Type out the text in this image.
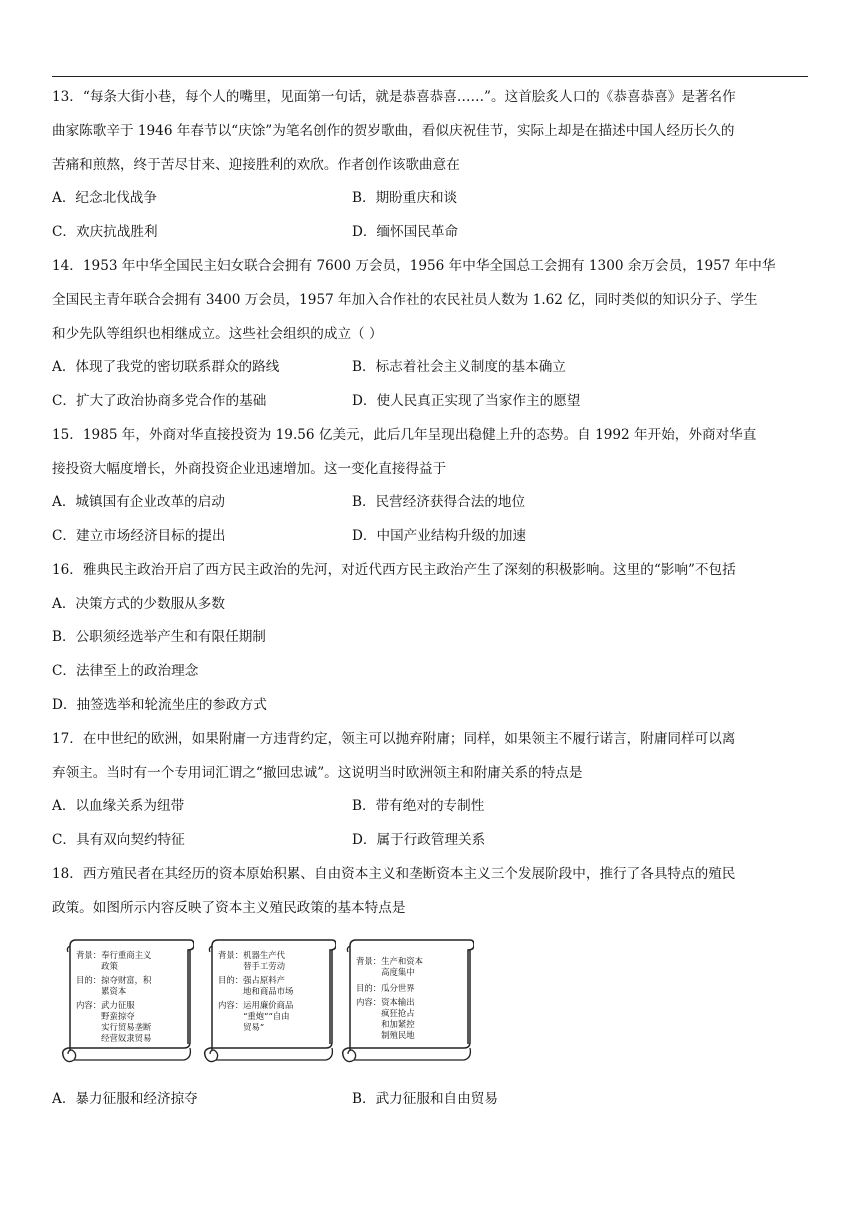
13．“每条大街小巷，每个人的嘴里，见面第一句话，就是恭喜恭喜……”。这首脍炙人口的《恭喜恭喜》是著名作
曲家陈歌辛于 1946 年春节以“庆馀”为笔名创作的贺岁歌曲，看似庆祝佳节，实际上却是在描述中国人经历长久的
苦痛和煎熬，终于苦尽甘来、迎接胜利的欢欣。作者创作该歌曲意在
A．纪念北伐战争	B．期盼重庆和谈
C．欢庆抗战胜利	D．缅怀国民革命
14．1953 年中华全国民主妇女联合会拥有 7600 万会员，1956 年中华全国总工会拥有 1300 余万会员，1957 年中华
全国民主青年联合会拥有 3400 万会员，1957 年加入合作社的农民社员人数为 1.62 亿，同时类似的知识分子、学生
和少先队等组织也相继成立。这些社会组织的成立（ ）
A．体现了我党的密切联系群众的路线	B．标志着社会主义制度的基本确立
C．扩大了政治协商多党合作的基础	D．使人民真正实现了当家作主的愿望
15．1985 年，外商对华直接投资为 19.56 亿美元，此后几年呈现出稳健上升的态势。自 1992 年开始，外商对华直
接投资大幅度增长，外商投资企业迅速增加。这一变化直接得益于
A．城镇国有企业改革的启动	B．民营经济获得合法的地位
C．建立市场经济目标的提出	D．中国产业结构升级的加速
16．雅典民主政治开启了西方民主政治的先河，对近代西方民主政治产生了深刻的积极影响。这里的“影响”不包括
A．决策方式的少数服从多数
B．公职须经选举产生和有限任期制
C．法律至上的政治理念
D．抽签选举和轮流坐庄的参政方式
17．在中世纪的欧洲，如果附庸一方违背约定，领主可以抛弃附庸；同样，如果领主不履行诺言，附庸同样可以离
弃领主。当时有一个专用词汇谓之“撤回忠诚”。这说明当时欧洲领主和附庸关系的特点是
A．以血缘关系为纽带	B．带有绝对的专制性
C．具有双向契约特征	D．属于行政管理关系
18．西方殖民者在其经历的资本原始积累、自由资本主义和垄断资本主义三个发展阶段中，推行了各具特点的殖民
政策。如图所示内容反映了资本主义殖民政策的基本特点是
背景：奉行重商主义
　　　政策
目的：掠夺财富，积
　　　累资本
内容：武力征服
　　　野蛮掠夺
　　　实行贸易垄断
　　　经营奴隶贸易
背景：机器生产代
　　　替手工劳动
目的：强占原料产
　　　地和商品市场
内容：运用廉价商品
　　　“重炮”“自由
　　　贸易”
背景：生产和资本
　　　高度集中
目的：瓜分世界
内容：资本输出
　　　疯狂抢占
　　　和加紧控
　　　制殖民地
A．暴力征服和经济掠夺	B．武力征服和自由贸易
